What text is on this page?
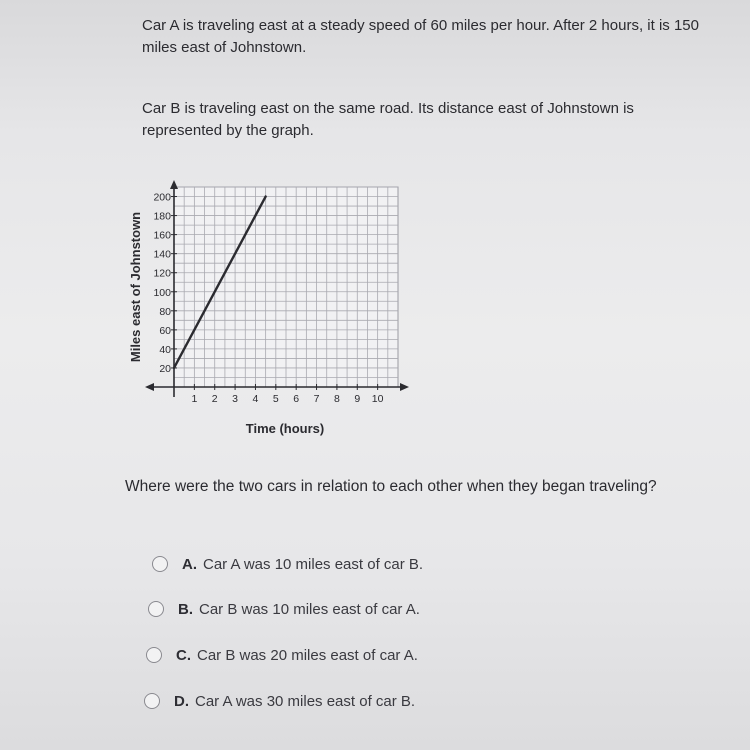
Car A is traveling east at a steady speed of 60 miles per hour. After 2 hours, it is 150 miles east of Johnstown.

Car B is traveling east on the same road. Its distance east of Johnstown is represented by the graph.

20
40
60
80
100
120
140
160
180
200
1 2 3 4 5 6 7 8 9 10
Time (hours)
Miles east of Johnstown

Where were the two cars in relation to each other when they began traveling?

A. Car A was 10 miles east of car B.
B. Car B was 10 miles east of car A.
C. Car B was 20 miles east of car A.
D. Car A was 30 miles east of car B.
